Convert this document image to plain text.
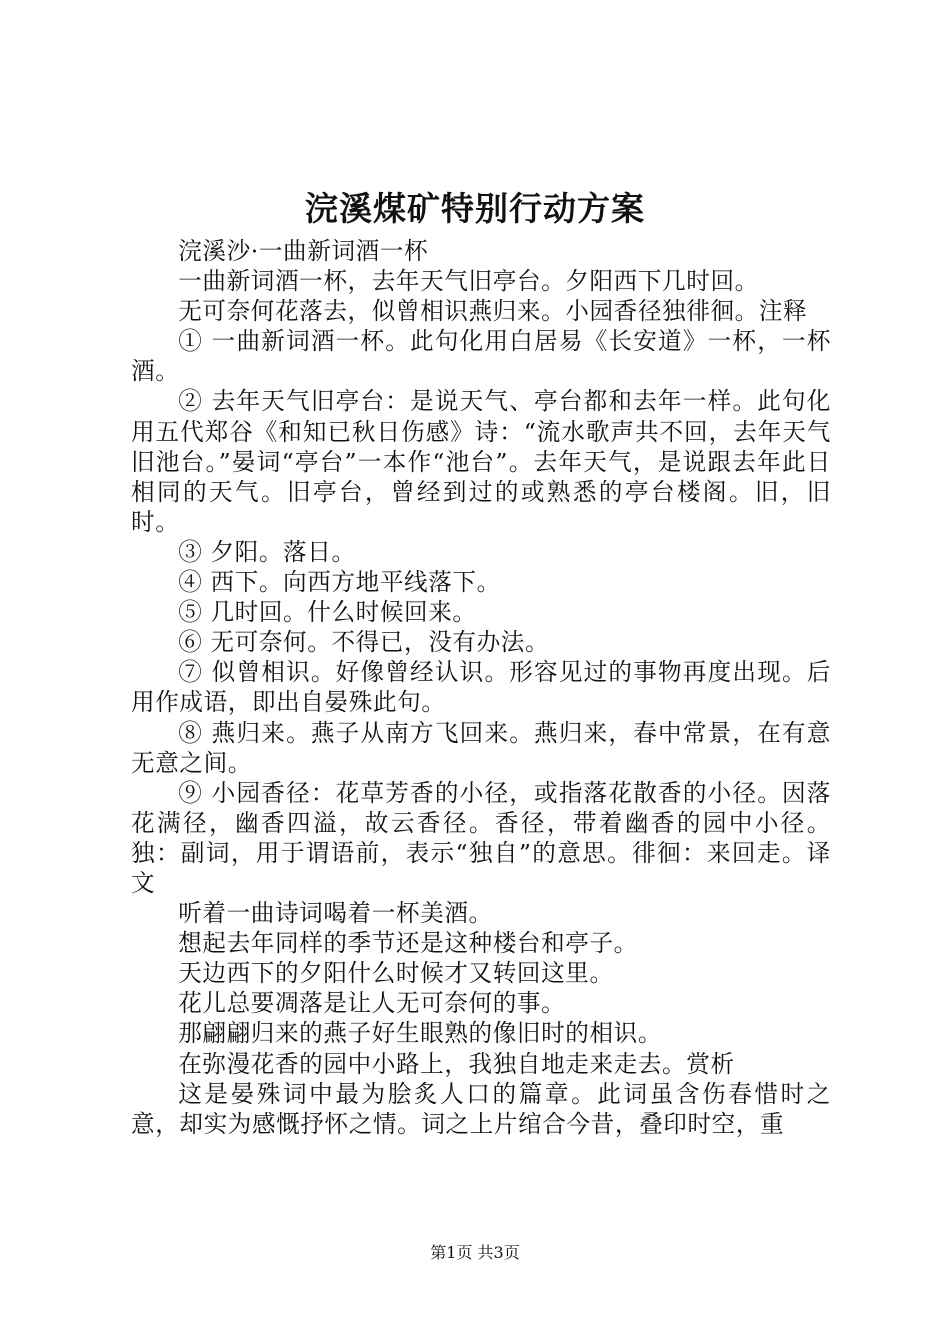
浣溪煤矿特别行动方案

浣溪沙·一曲新词酒一杯

一曲新词酒一杯，去年天气旧亭台。夕阳西下几时回。

无可奈何花落去，似曾相识燕归来。小园香径独徘徊。注释

① 一曲新词酒一杯。此句化用白居易《长安道》一杯，一杯酒。

② 去年天气旧亭台：是说天气、亭台都和去年一样。此句化用五代郑谷《和知已秋日伤感》诗：“流水歌声共不回，去年天气旧池台。”晏词“亭台”一本作“池台”。去年天气，是说跟去年此日相同的天气。旧亭台，曾经到过的或熟悉的亭台楼阁。旧，旧时。

③ 夕阳。落日。

④ 西下。向西方地平线落下。

⑤ 几时回。什么时候回来。

⑥ 无可奈何。不得已，没有办法。

⑦ 似曾相识。好像曾经认识。形容见过的事物再度出现。后用作成语，即出自晏殊此句。

⑧ 燕归来。燕子从南方飞回来。燕归来，春中常景，在有意无意之间。

⑨ 小园香径：花草芳香的小径，或指落花散香的小径。因落花满径，幽香四溢，故云香径。香径，带着幽香的园中小径。独：副词，用于谓语前，表示“独自”的意思。徘徊：来回走。译文

听着一曲诗词喝着一杯美酒。

想起去年同样的季节还是这种楼台和亭子。

天边西下的夕阳什么时候才又转回这里。

花儿总要凋落是让人无可奈何的事。

那翩翩归来的燕子好生眼熟的像旧时的相识。

在弥漫花香的园中小路上，我独自地走来走去。赏析

这是晏殊词中最为脍炙人口的篇章。此词虽含伤春惜时之意，却实为感慨抒怀之情。词之上片绾合今昔，叠印时空，重

第1页 共3页
